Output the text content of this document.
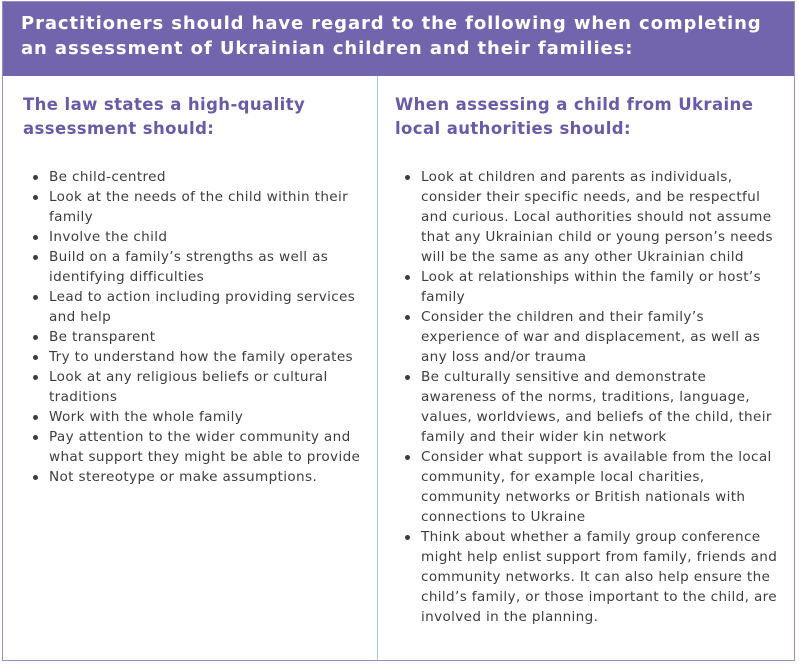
Practitioners should have regard to the following when completing an assessment of Ukrainian children and their families:
The law states a high-quality assessment should:
Be child-centred
Look at the needs of the child within their family
Involve the child
Build on a family’s strengths as well as identifying difficulties
Lead to action including providing services and help
Be transparent
Try to understand how the family operates
Look at any religious beliefs or cultural traditions
Work with the whole family
Pay attention to the wider community and what support they might be able to provide
Not stereotype or make assumptions.
When assessing a child from Ukraine local authorities should:
Look at children and parents as individuals, consider their specific needs, and be respectful and curious. Local authorities should not assume that any Ukrainian child or young person’s needs will be the same as any other Ukrainian child
Look at relationships within the family or host’s family
Consider the children and their family’s experience of war and displacement, as well as any loss and/or trauma
Be culturally sensitive and demonstrate awareness of the norms, traditions, language, values, worldviews, and beliefs of the child, their family and their wider kin network
Consider what support is available from the local community, for example local charities, community networks or British nationals with connections to Ukraine
Think about whether a family group conference might help enlist support from family, friends and community networks. It can also help ensure the child’s family, or those important to the child, are involved in the planning.
